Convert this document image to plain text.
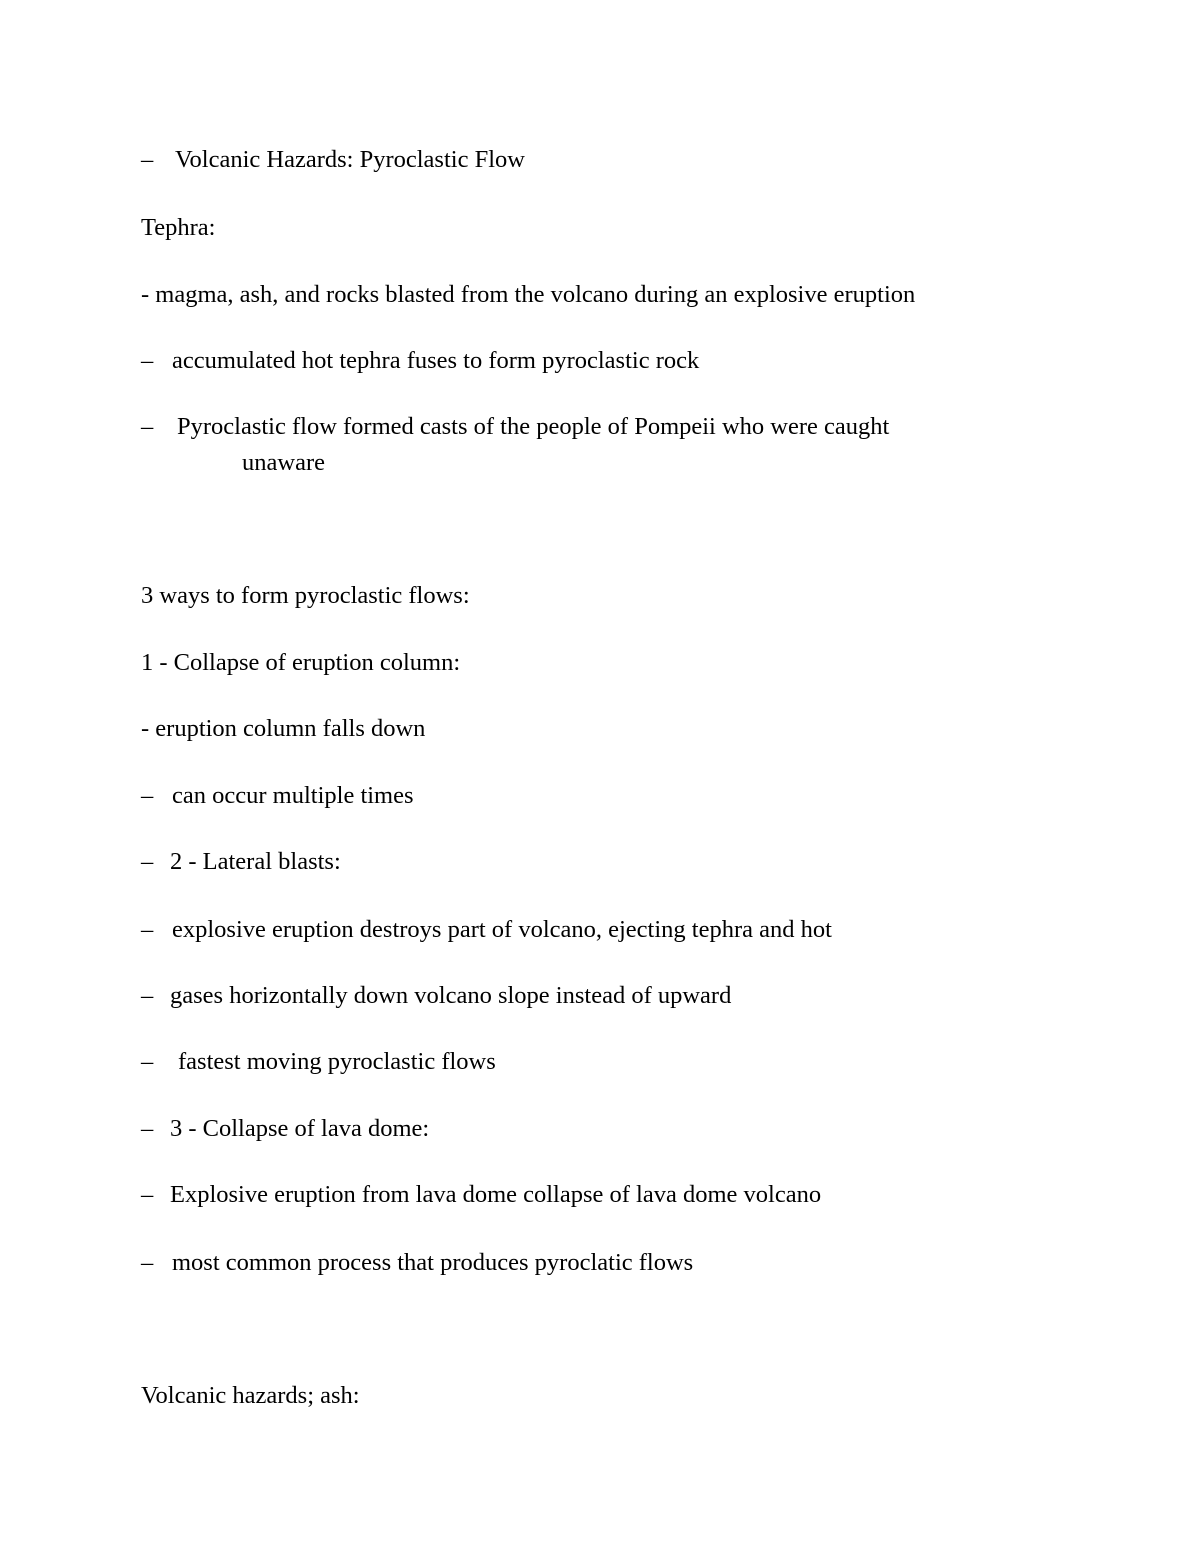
– Volcanic Hazards: Pyroclastic Flow
Tephra:
- magma, ash, and rocks blasted from the volcano during an explosive eruption
– accumulated hot tephra fuses to form pyroclastic rock
– Pyroclastic flow formed casts of the people of Pompeii who were caught
unaware
3 ways to form pyroclastic flows:
1 - Collapse of eruption column:
- eruption column falls down
– can occur multiple times
– 2 - Lateral blasts:
– explosive eruption destroys part of volcano, ejecting tephra and hot
– gases horizontally down volcano slope instead of upward
– fastest moving pyroclastic flows
– 3 - Collapse of lava dome:
– Explosive eruption from lava dome collapse of lava dome volcano
– most common process that produces pyroclatic flows
Volcanic hazards; ash:
